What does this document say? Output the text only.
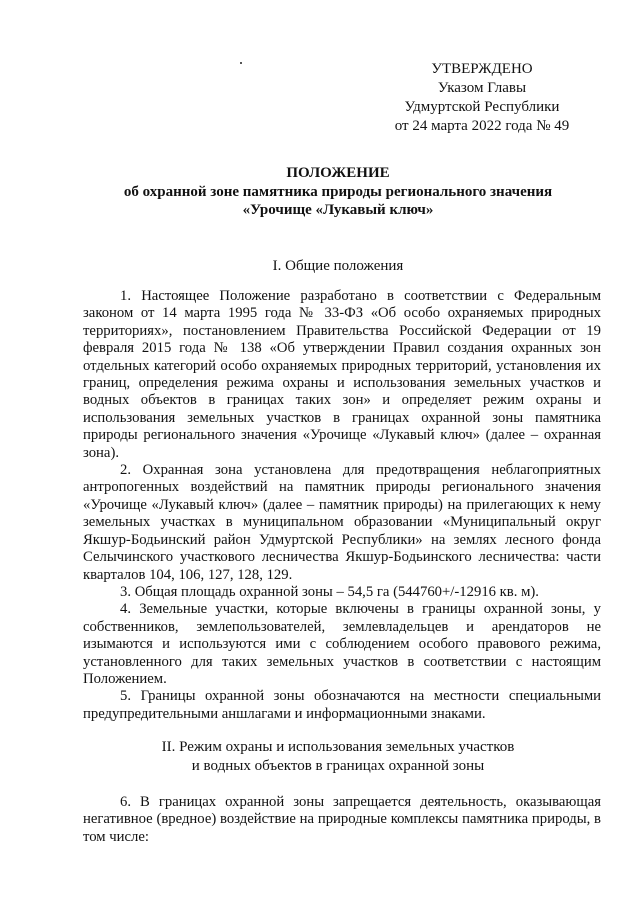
УТВЕРЖДЕНО
Указом Главы
Удмуртской Республики
от 24 марта 2022 года № 49
ПОЛОЖЕНИЕ
об охранной зоне памятника природы регионального значения
«Урочище «Лукавый ключ»
I. Общие положения

1. Настоящее Положение разработано в соответствии с Федеральным законом от 14 марта 1995 года № 33-ФЗ «Об особо охраняемых природных территориях», постановлением Правительства Российской Федерации от 19 февраля 2015 года № 138 «Об утверждении Правил создания охранных зон отдельных категорий особо охраняемых природных территорий, установления их границ, определения режима охраны и использования земельных участков и водных объектов в границах таких зон» и определяет режим охраны и использования земельных участков в границах охранной зоны памятника природы регионального значения «Урочище «Лукавый ключ» (далее – охранная зона).

2. Охранная зона установлена для предотвращения неблагоприятных антропогенных воздействий на памятник природы регионального значения «Урочище «Лукавый ключ» (далее – памятник природы) на прилегающих к нему земельных участках в муниципальном образовании «Муниципальный округ Якшур-Бодьинский район Удмуртской Республики» на землях лесного фонда Селычинского участкового лесничества Якшур-Бодьинского лесничества: части кварталов 104, 106, 127, 128, 129.

3. Общая площадь охранной зоны – 54,5 га (544760+/-12916 кв. м).

4. Земельные участки, которые включены в границы охранной зоны, у собственников, землепользователей, землевладельцев и арендаторов не изымаются и используются ими с соблюдением особого правового режима, установленного для таких земельных участков в соответствии с настоящим Положением.

5. Границы охранной зоны обозначаются на местности специальными предупредительными аншлагами и информационными знаками.

II. Режим охраны и использования земельных участков
и водных объектов в границах охранной зоны

6. В границах охранной зоны запрещается деятельность, оказывающая негативное (вредное) воздействие на природные комплексы памятника природы, в том числе:
